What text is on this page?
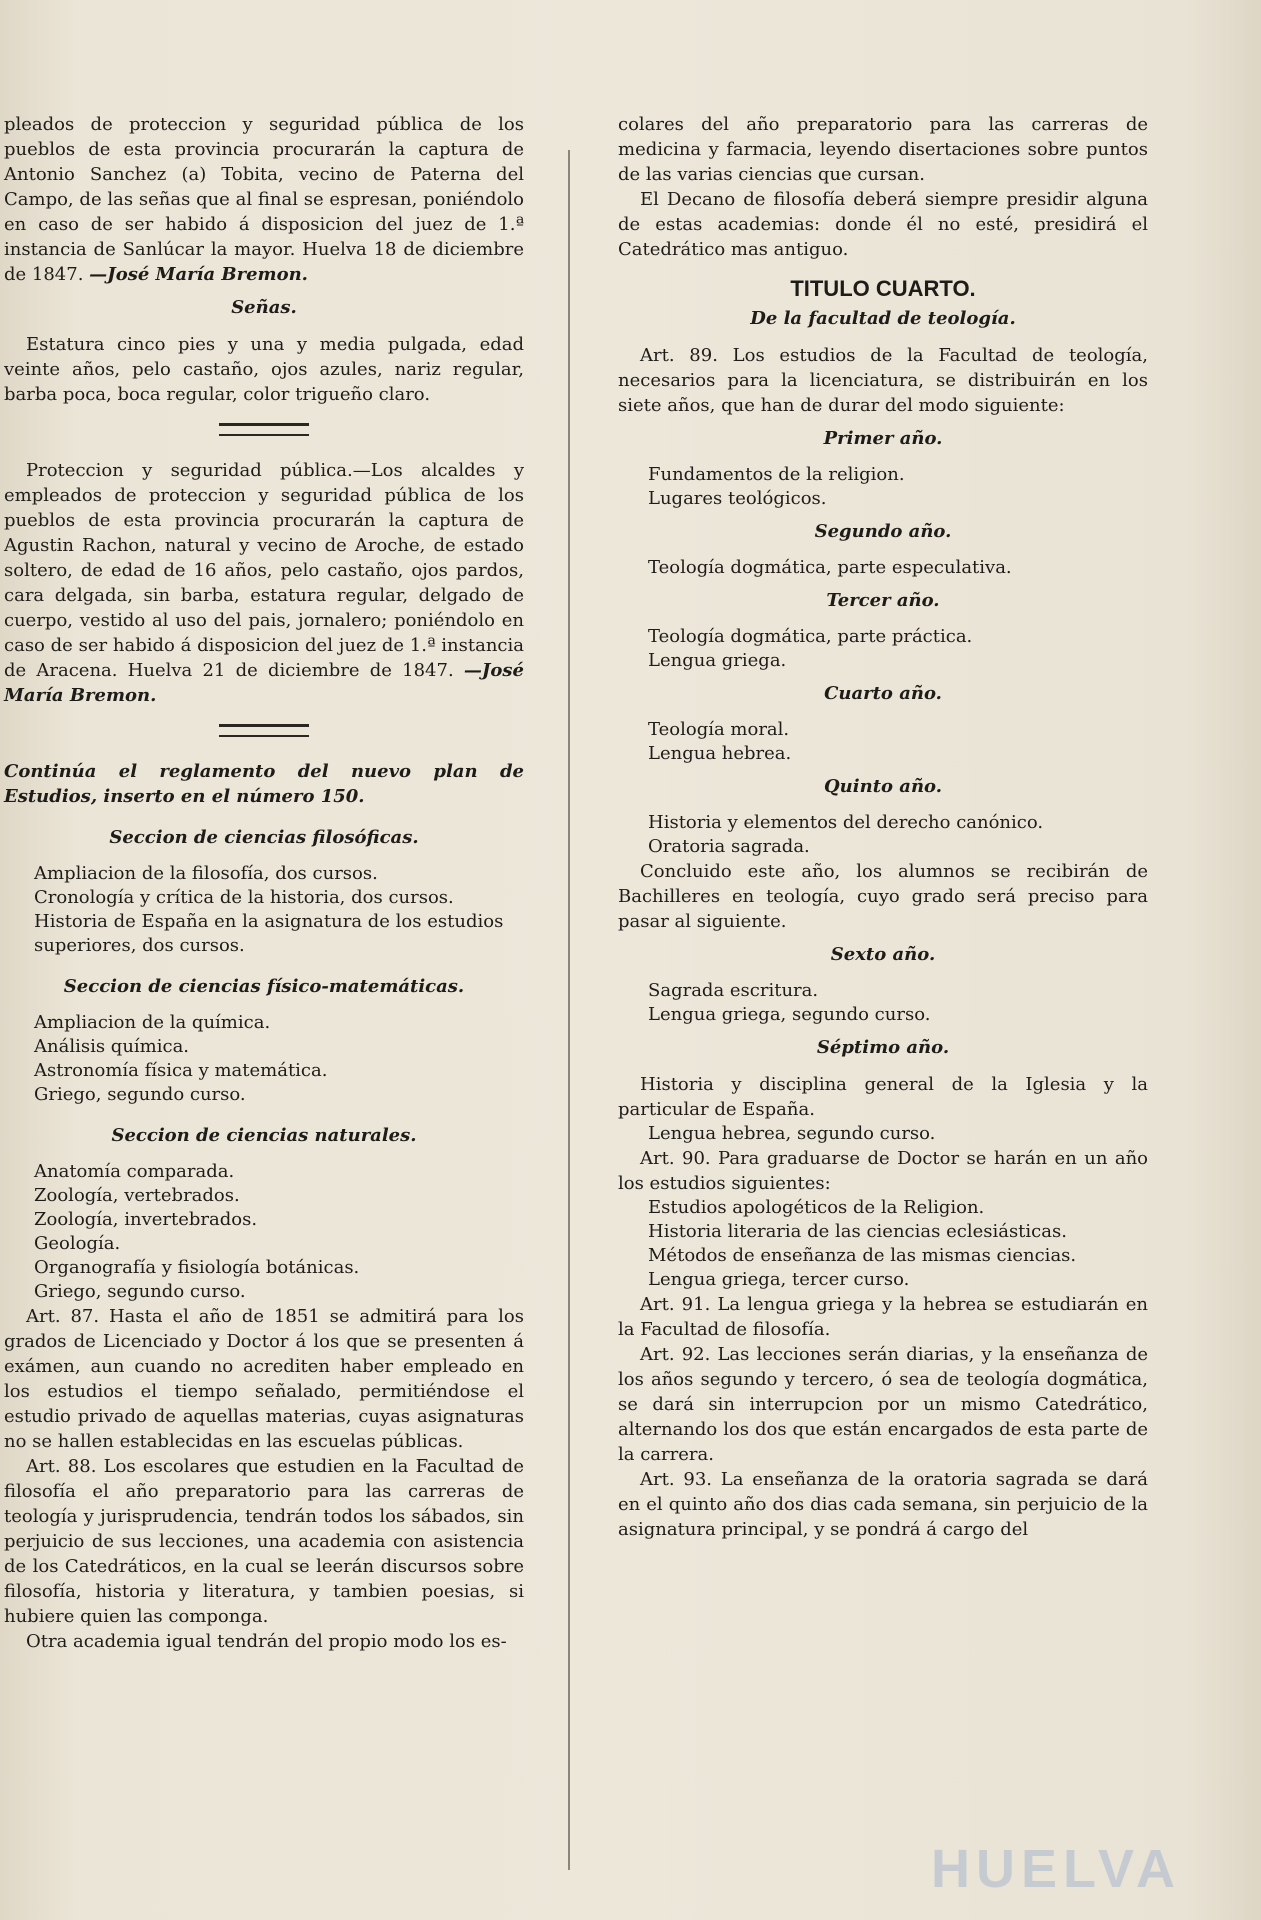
pleados de proteccion y seguridad pública de los pueblos de esta provincia procurarán la captura de Antonio Sanchez (a) Tobita, vecino de Paterna del Campo, de las señas que al final se espresan, poniéndolo en caso de ser habido á disposicion del juez de 1.ª instancia de Sanlúcar la mayor. Huelva 18 de diciembre de 1847. —José María Bremon.

Señas.

Estatura cinco pies y una y media pulgada, edad veinte años, pelo castaño, ojos azules, nariz regular, barba poca, boca regular, color trigueño claro.

Proteccion y seguridad pública.—Los alcaldes y empleados de proteccion y seguridad pública de los pueblos de esta provincia procurarán la captura de Agustin Rachon, natural y vecino de Aroche, de estado soltero, de edad de 16 años, pelo castaño, ojos pardos, cara delgada, sin barba, estatura regular, delgado de cuerpo, vestido al uso del pais, jornalero; poniéndolo en caso de ser habido á disposicion del juez de 1.ª instancia de Aracena. Huelva 21 de diciembre de 1847. —José María Bremon.

Continúa el reglamento del nuevo plan de Estudios, inserto en el número 150.

Seccion de ciencias filosóficas.

Ampliacion de la filosofía, dos cursos.

Cronología y crítica de la historia, dos cursos.

Historia de España en la asignatura de los estudios superiores, dos cursos.

Seccion de ciencias físico-matemáticas.

Ampliacion de la química.

Análisis química.

Astronomía física y matemática.

Griego, segundo curso.

Seccion de ciencias naturales.

Anatomía comparada.

Zoología, vertebrados.

Zoología, invertebrados.

Geología.

Organografía y fisiología botánicas.

Griego, segundo curso.

Art. 87. Hasta el año de 1851 se admitirá para los grados de Licenciado y Doctor á los que se presenten á exámen, aun cuando no acrediten haber empleado en los estudios el tiempo señalado, permitiéndose el estudio privado de aquellas materias, cuyas asignaturas no se hallen establecidas en las escuelas públicas.

Art. 88. Los escolares que estudien en la Facultad de filosofía el año preparatorio para las carreras de teología y jurisprudencia, tendrán todos los sábados, sin perjuicio de sus lecciones, una academia con asistencia de los Catedráticos, en la cual se leerán discursos sobre filosofía, historia y literatura, y tambien poesias, si hubiere quien las componga.

Otra academia igual tendrán del propio modo los es-

colares del año preparatorio para las carreras de medicina y farmacia, leyendo disertaciones sobre puntos de las varias ciencias que cursan.

El Decano de filosofía deberá siempre presidir alguna de estas academias: donde él no esté, presidirá el Catedrático mas antiguo.

TITULO CUARTO.
De la facultad de teología.

Art. 89. Los estudios de la Facultad de teología, necesarios para la licenciatura, se distribuirán en los siete años, que han de durar del modo siguiente:

Primer año.

Fundamentos de la religion.

Lugares teológicos.

Segundo año.

Teología dogmática, parte especulativa.

Tercer año.

Teología dogmática, parte práctica.

Lengua griega.

Cuarto año.

Teología moral.

Lengua hebrea.

Quinto año.

Historia y elementos del derecho canónico.

Oratoria sagrada.

Concluido este año, los alumnos se recibirán de Bachilleres en teología, cuyo grado será preciso para pasar al siguiente.

Sexto año.

Sagrada escritura.

Lengua griega, segundo curso.

Séptimo año.

Historia y disciplina general de la Iglesia y la particular de España.

Lengua hebrea, segundo curso.

Art. 90. Para graduarse de Doctor se harán en un año los estudios siguientes:

Estudios apologéticos de la Religion.

Historia literaria de las ciencias eclesiásticas.

Métodos de enseñanza de las mismas ciencias.

Lengua griega, tercer curso.

Art. 91. La lengua griega y la hebrea se estudiarán en la Facultad de filosofía.

Art. 92. Las lecciones serán diarias, y la enseñanza de los años segundo y tercero, ó sea de teología dogmática, se dará sin interrupcion por un mismo Catedrático, alternando los dos que están encargados de esta parte de la carrera.

Art. 93. La enseñanza de la oratoria sagrada se dará en el quinto año dos dias cada semana, sin perjuicio de la asignatura principal, y se pondrá á cargo del

HUELVA
